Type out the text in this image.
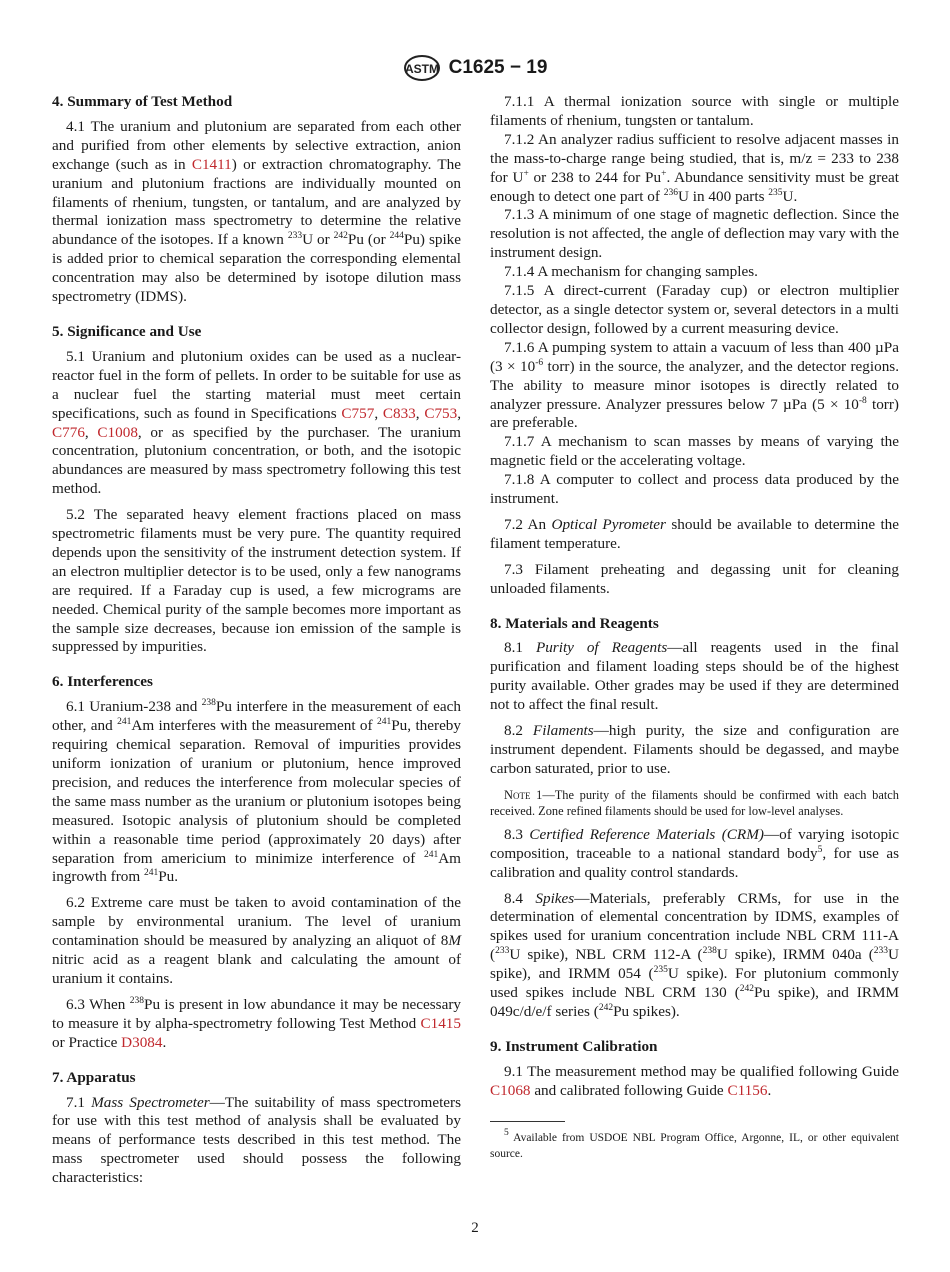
ASTM C1625 − 19
4. Summary of Test Method
4.1 The uranium and plutonium are separated from each other and purified from other elements by selective extraction, anion exchange (such as in C1411) or extraction chromatography. The uranium and plutonium fractions are individually mounted on filaments of rhenium, tungsten, or tantalum, and are analyzed by thermal ionization mass spectrometry to determine the relative abundance of the isotopes. If a known $^{233}$U or $^{242}$Pu (or $^{244}$Pu) spike is added prior to chemical separation the corresponding elemental concentration may also be determined by isotope dilution mass spectrometry (IDMS).
5. Significance and Use
5.1 Uranium and plutonium oxides can be used as a nuclear-reactor fuel in the form of pellets. In order to be suitable for use as a nuclear fuel the starting material must meet certain specifications, such as found in Specifications C757, C833, C753, C776, C1008, or as specified by the purchaser. The uranium concentration, plutonium concentration, or both, and the isotopic abundances are measured by mass spectrometry following this test method.
5.2 The separated heavy element fractions placed on mass spectrometric filaments must be very pure. The quantity required depends upon the sensitivity of the instrument detection system. If an electron multiplier detector is to be used, only a few nanograms are required. If a Faraday cup is used, a few micrograms are needed. Chemical purity of the sample becomes more important as the sample size decreases, because ion emission of the sample is suppressed by impurities.
6. Interferences
6.1 Uranium-238 and $^{238}$Pu interfere in the measurement of each other, and $^{241}$Am interferes with the measurement of $^{241}$Pu, thereby requiring chemical separation. Removal of impurities provides uniform ionization of uranium or plutonium, hence improved precision, and reduces the interference from molecular species of the same mass number as the uranium or plutonium isotopes being measured. Isotopic analysis of plutonium should be completed within a reasonable time period (approximately 20 days) after separation from americium to minimize interference of $^{241}$Am ingrowth from $^{241}$Pu.
6.2 Extreme care must be taken to avoid contamination of the sample by environmental uranium. The level of uranium contamination should be measured by analyzing an aliquot of 8M nitric acid as a reagent blank and calculating the amount of uranium it contains.
6.3 When $^{238}$Pu is present in low abundance it may be necessary to measure it by alpha-spectrometry following Test Method C1415 or Practice D3084.
7. Apparatus
7.1 Mass Spectrometer—The suitability of mass spectrometers for use with this test method of analysis shall be evaluated by means of performance tests described in this test method. The mass spectrometer used should possess the following characteristics:
7.1.1 A thermal ionization source with single or multiple filaments of rhenium, tungsten or tantalum.
7.1.2 An analyzer radius sufficient to resolve adjacent masses in the mass-to-charge range being studied, that is, m/z = 233 to 238 for U+ or 238 to 244 for Pu+. Abundance sensitivity must be great enough to detect one part of $^{236}$U in 400 parts $^{235}$U.
7.1.3 A minimum of one stage of magnetic deflection. Since the resolution is not affected, the angle of deflection may vary with the instrument design.
7.1.4 A mechanism for changing samples.
7.1.5 A direct-current (Faraday cup) or electron multiplier detector, as a single detector system or, several detectors in a multi collector design, followed by a current measuring device.
7.1.6 A pumping system to attain a vacuum of less than 400 µPa ($3 \times 10^{-6}$ torr) in the source, the analyzer, and the detector regions. The ability to measure minor isotopes is directly related to analyzer pressure. Analyzer pressures below 7 µPa ($5 \times 10^{-8}$ torr) are preferable.
7.1.7 A mechanism to scan masses by means of varying the magnetic field or the accelerating voltage.
7.1.8 A computer to collect and process data produced by the instrument.
7.2 An Optical Pyrometer should be available to determine the filament temperature.
7.3 Filament preheating and degassing unit for cleaning unloaded filaments.
8. Materials and Reagents
8.1 Purity of Reagents—all reagents used in the final purification and filament loading steps should be of the highest purity available. Other grades may be used if they are determined not to affect the final result.
8.2 Filaments—high purity, the size and configuration are instrument dependent. Filaments should be degassed, and maybe carbon saturated, prior to use.
Note 1—The purity of the filaments should be confirmed with each batch received. Zone refined filaments should be used for low-level analyses.
8.3 Certified Reference Materials (CRM)—of varying isotopic composition, traceable to a national standard body$^5$, for use as calibration and quality control standards.
8.4 Spikes—Materials, preferably CRMs, for use in the determination of elemental concentration by IDMS, examples of spikes used for uranium concentration include NBL CRM 111-A ($^{233}$U spike), NBL CRM 112-A ($^{238}$U spike), IRMM 040a ($^{233}$U spike), and IRMM 054 ($^{235}$U spike). For plutonium commonly used spikes include NBL CRM 130 ($^{242}$Pu spike), and IRMM 049c/d/e/f series ($^{242}$Pu spikes).
9. Instrument Calibration
9.1 The measurement method may be qualified following Guide C1068 and calibrated following Guide C1156.
$^5$ Available from USDOE NBL Program Office, Argonne, IL, or other equivalent source.
2
